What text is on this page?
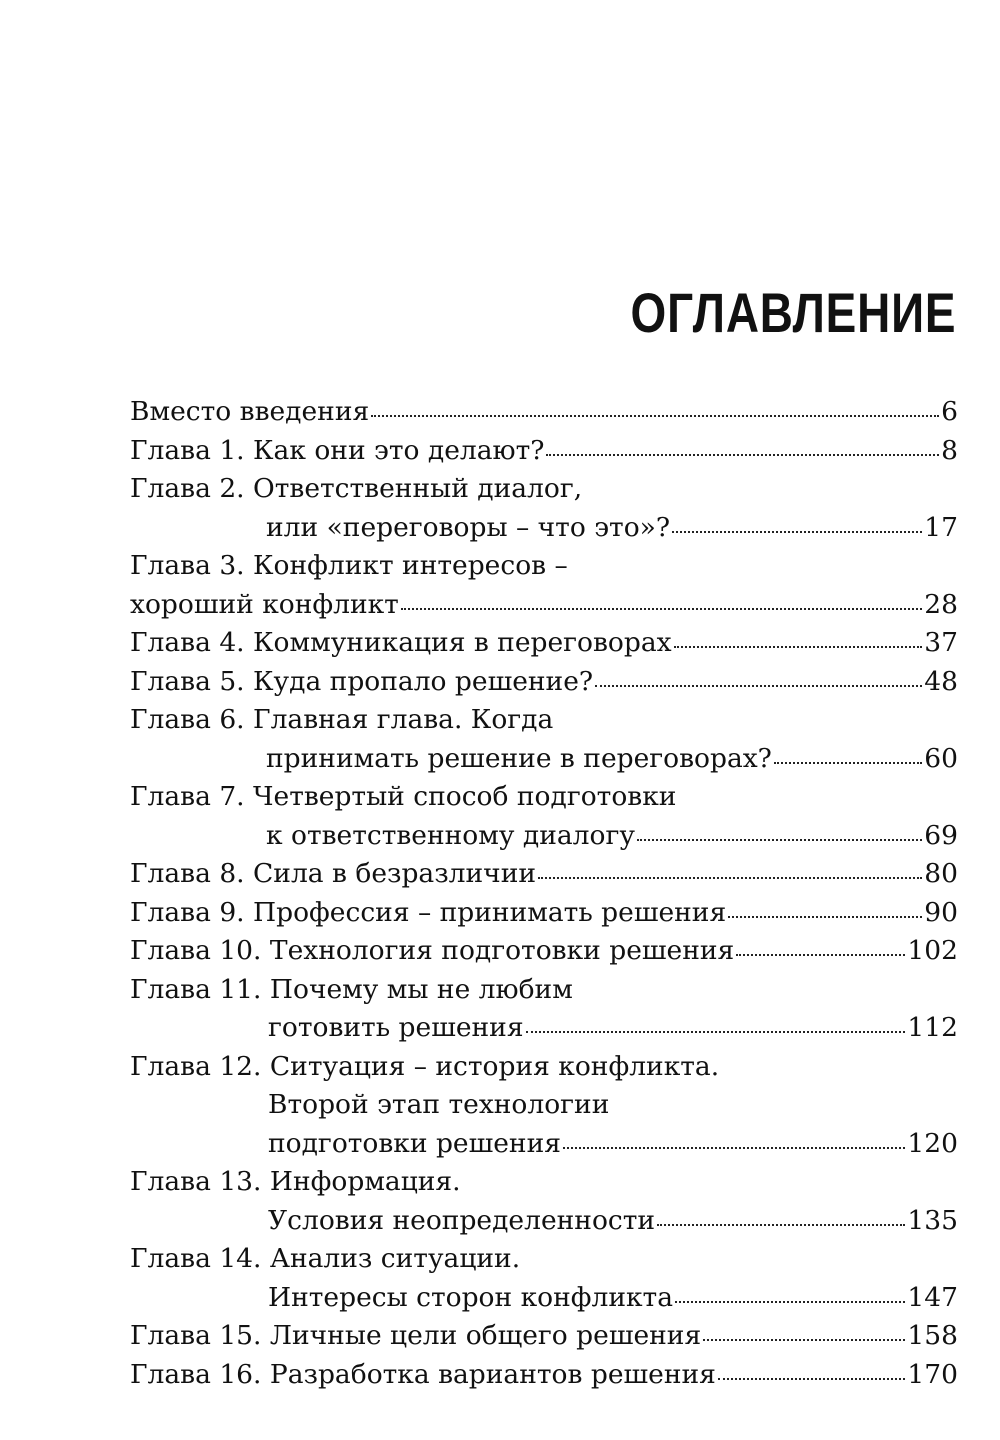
ОГЛАВЛЕНИЕ
Вместо введения	6
Глава 1. Как они это делают?	8
Глава 2. Ответственный диалог,
или «переговоры – что это»?	17
Глава 3. Конфликт интересов –
хороший конфликт	28
Глава 4. Коммуникация в переговорах	37
Глава 5. Куда пропало решение?	48
Глава 6. Главная глава. Когда
принимать решение в переговорах?	60
Глава 7. Четвертый способ подготовки
к ответственному диалогу	69
Глава 8. Сила в безразличии	80
Глава 9. Профессия – принимать решения	90
Глава 10. Технология подготовки решения	102
Глава 11. Почему мы не любим
готовить решения	112
Глава 12. Ситуация – история конфликта.
Второй этап технологии
подготовки решения	120
Глава 13. Информация.
Условия неопределенности	135
Глава 14. Анализ ситуации.
Интересы сторон конфликта	147
Глава 15. Личные цели общего решения	158
Глава 16. Разработка вариантов решения	170
